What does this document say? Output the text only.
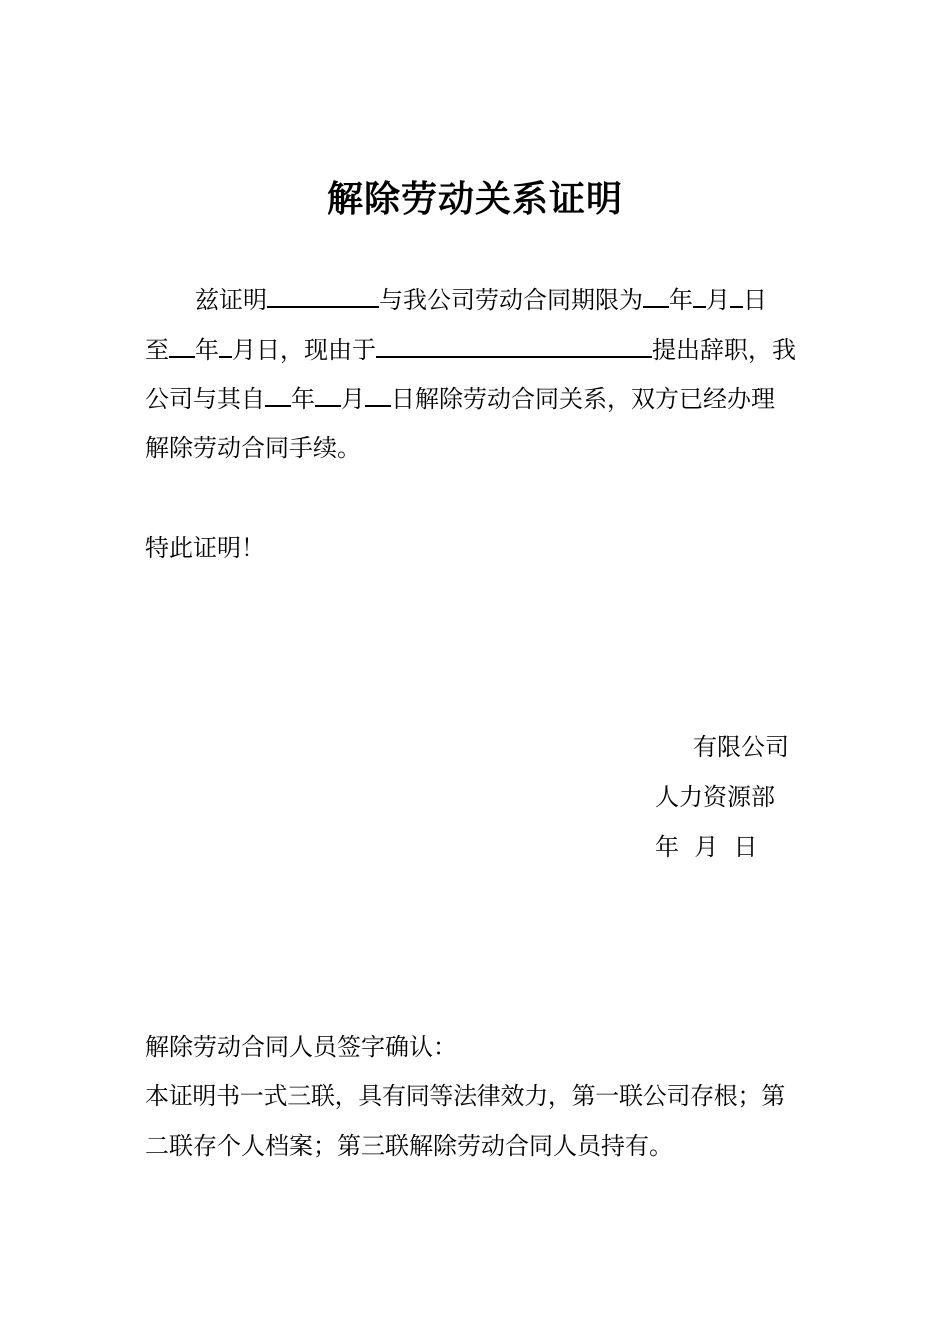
解除劳动关系证明
兹证明	与我公司劳动合同期限为 年 月 日
至 年 月日，现由于	提出辞职，我
公司与其自 年 月 日解除劳动合同关系，双方已经办理
解除劳动合同手续。
特此证明！
有限公司
人力资源部
年  月  日
解除劳动合同人员签字确认：
本证明书一式三联，具有同等法律效力，第一联公司存根；第
二联存个人档案；第三联解除劳动合同人员持有。
